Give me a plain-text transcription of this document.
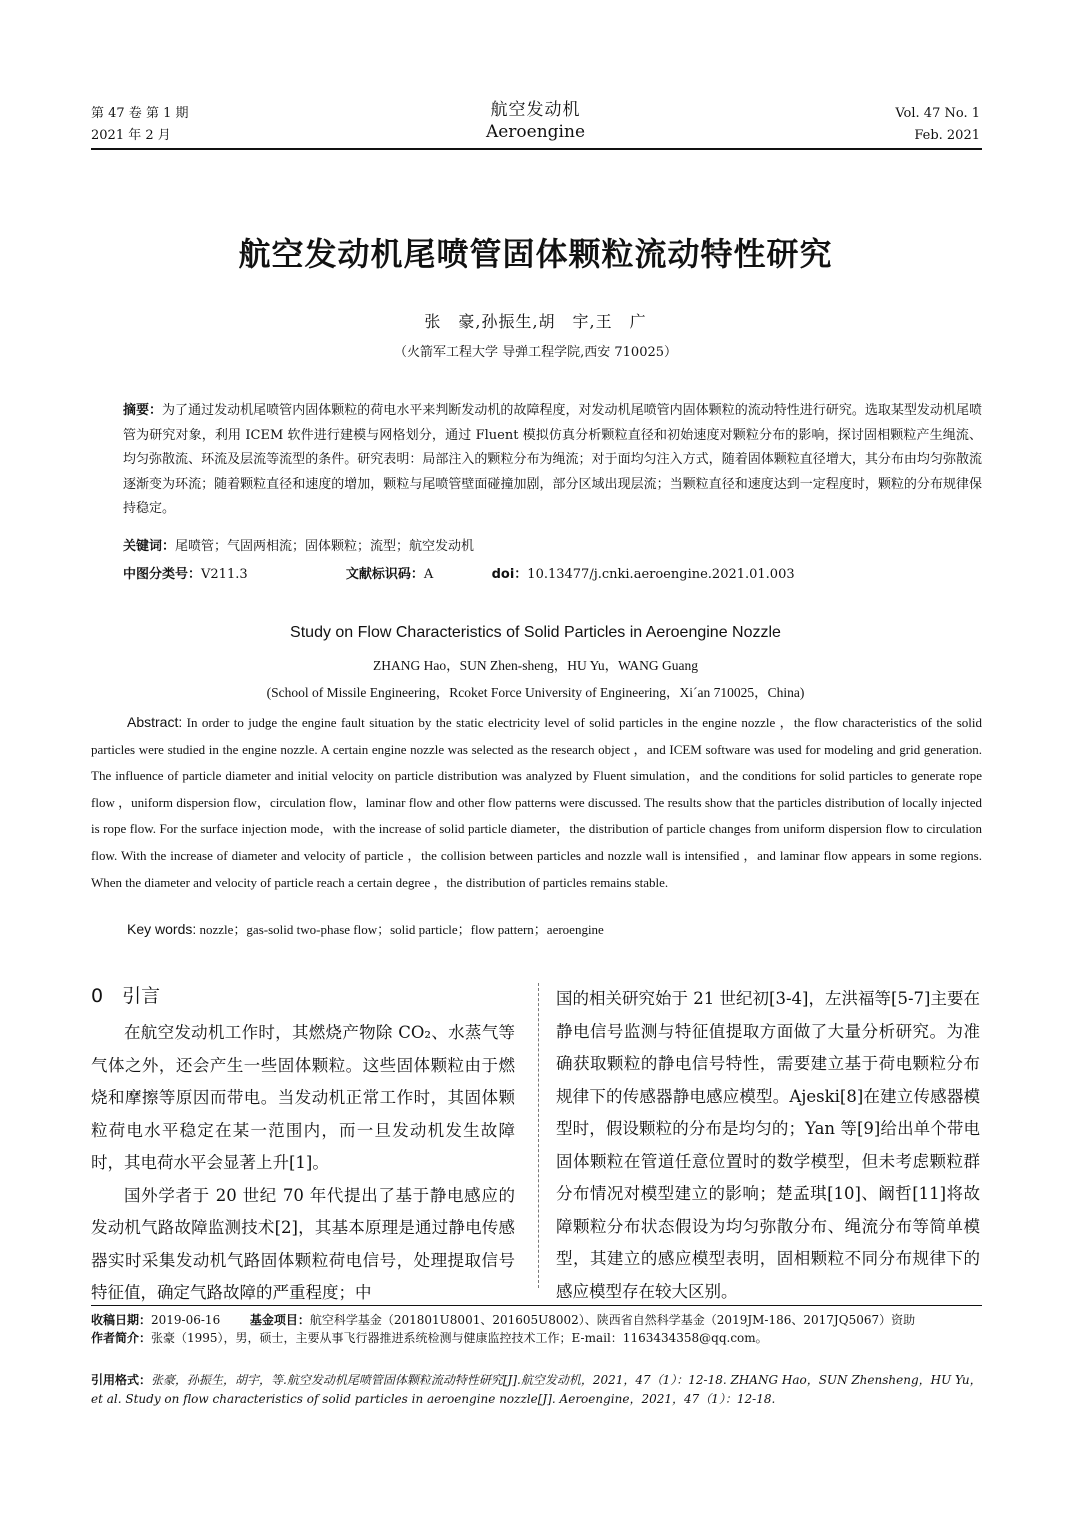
第 47 卷 第 1 期
2021 年 2 月
航空发动机
Aeroengine
Vol. 47 No. 1
Feb. 2021
航空发动机尾喷管固体颗粒流动特性研究
张　豪,孙振生,胡　宇,王　广
（火箭军工程大学 导弹工程学院,西安 710025）
摘要：为了通过发动机尾喷管内固体颗粒的荷电水平来判断发动机的故障程度，对发动机尾喷管内固体颗粒的流动特性进行研究。选取某型发动机尾喷管为研究对象，利用 ICEM 软件进行建模与网格划分，通过 Fluent 模拟仿真分析颗粒直径和初始速度对颗粒分布的影响，探讨固相颗粒产生绳流、均匀弥散流、环流及层流等流型的条件。研究表明：局部注入的颗粒分布为绳流；对于面均匀注入方式，随着固体颗粒直径增大，其分布由均匀弥散流逐渐变为环流；随着颗粒直径和速度的增加，颗粒与尾喷管壁面碰撞加剧，部分区域出现层流；当颗粒直径和速度达到一定程度时，颗粒的分布规律保持稳定。
关键词：尾喷管；气固两相流；固体颗粒；流型；航空发动机
中图分类号：V211.3	文献标识码：A	doi：10.13477/j.cnki.aeroengine.2021.01.003
Study on Flow Characteristics of Solid Particles in Aeroengine Nozzle
ZHANG Hao，SUN Zhen-sheng，HU Yu，WANG Guang
(School of Missile Engineering，Rcoket Force University of Engineering，Xi´an 710025，China)
Abstract: In order to judge the engine fault situation by the static electricity level of solid particles in the engine nozzle ，the flow characteristics of the solid particles were studied in the engine nozzle. A certain engine nozzle was selected as the research object ，and ICEM software was used for modeling and grid generation. The influence of particle diameter and initial velocity on particle distribution was analyzed by Fluent simulation，and the conditions for solid particles to generate rope flow ，uniform dispersion flow，circulation flow，laminar flow and other flow patterns were discussed. The results show that the particles distribution of locally injected is rope flow. For the surface injection mode，with the increase of solid particle diameter，the distribution of particle changes from uniform dispersion flow to circulation flow. With the increase of diameter and velocity of particle ，the collision between particles and nozzle wall is intensified ，and laminar flow appears in some regions. When the diameter and velocity of particle reach a certain degree ，the distribution of particles remains stable.
Key words: nozzle；gas-solid two-phase flow；solid particle；flow pattern；aeroengine
0　引言

在航空发动机工作时，其燃烧产物除 CO₂、水蒸气等气体之外，还会产生一些固体颗粒。这些固体颗粒由于燃烧和摩擦等原因而带电。当发动机正常工作时，其固体颗粒荷电水平稳定在某一范围内，而一旦发动机发生故障时，其电荷水平会显著上升[1]。

国外学者于 20 世纪 70 年代提出了基于静电感应的发动机气路故障监测技术[2]，其基本原理是通过静电传感器实时采集发动机气路固体颗粒荷电信号，处理提取信号特征值，确定气路故障的严重程度；中

国的相关研究始于 21 世纪初[3-4]，左洪福等[5-7]主要在静电信号监测与特征值提取方面做了大量分析研究。为准确获取颗粒的静电信号特性，需要建立基于荷电颗粒分布规律下的传感器静电感应模型。Ajeski[8]在建立传感器模型时，假设颗粒的分布是均匀的；Yan 等[9]给出单个带电固体颗粒在管道任意位置时的数学模型，但未考虑颗粒群分布情况对模型建立的影响；楚孟琪[10]、阚哲[11]将故障颗粒分布状态假设为均匀弥散分布、绳流分布等简单模型，其建立的感应模型表明，固相颗粒不同分布规律下的感应模型存在较大区别。

收稿日期：2019-06-16 基金项目：航空科学基金（201801U8001、201605U8002）、陕西省自然科学基金（2019JM-186、2017JQ5067）资助
作者简介：张豪（1995），男，硕士，主要从事飞行器推进系统检测与健康监控技术工作；E-mail：1163434358@qq.com。
引用格式：张豪，孙振生，胡宇，等.航空发动机尾喷管固体颗粒流动特性研究[J].航空发动机，2021，47（1）：12-18. ZHANG Hao，SUN Zhensheng，HU Yu，et al. Study on flow characteristics of solid particles in aeroengine nozzle[J]. Aeroengine，2021，47（1）：12-18.
